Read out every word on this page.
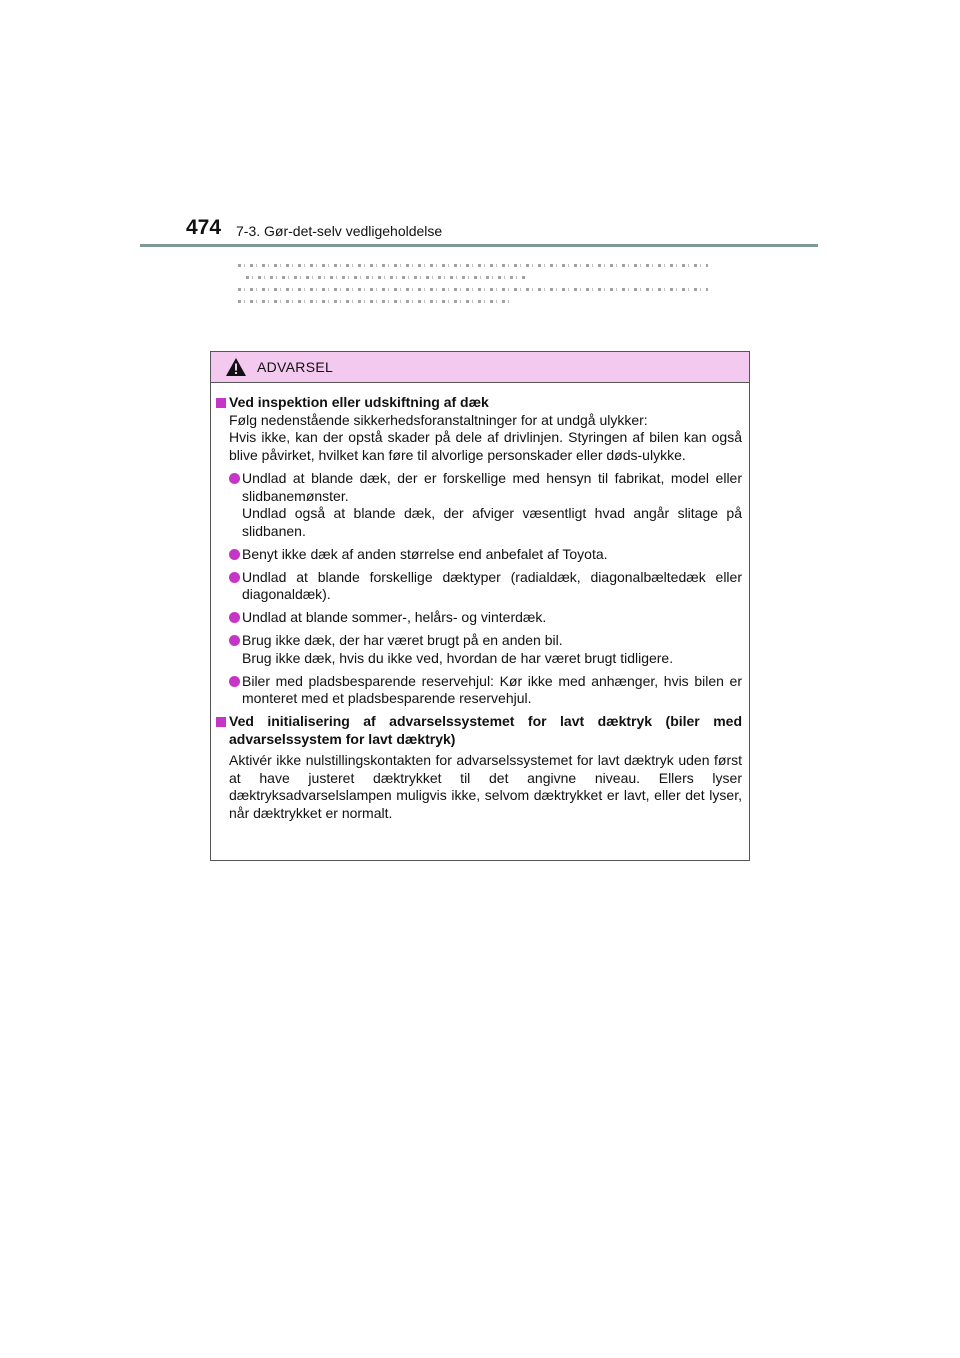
474 7-3. Gør-det-selv vedligeholdelse
ADVARSEL
Ved inspektion eller udskiftning af dæk
Følg nedenstående sikkerhedsforanstaltninger for at undgå ulykker:
Hvis ikke, kan der opstå skader på dele af drivlinjen. Styringen af bilen kan også blive påvirket, hvilket kan føre til alvorlige personskader eller døds-ulykke.
Undlad at blande dæk, der er forskellige med hensyn til fabrikat, model eller slidbanemønster.
Undlad også at blande dæk, der afviger væsentligt hvad angår slitage på slidbanen.
Benyt ikke dæk af anden størrelse end anbefalet af Toyota.
Undlad at blande forskellige dæktyper (radialdæk, diagonalbæltedæk eller diagonaldæk).
Undlad at blande sommer-, helårs- og vinterdæk.
Brug ikke dæk, der har været brugt på en anden bil.
Brug ikke dæk, hvis du ikke ved, hvordan de har været brugt tidligere.
Biler med pladsbesparende reservehjul: Kør ikke med anhænger, hvis bilen er monteret med et pladsbesparende reservehjul.
Ved initialisering af advarselssystemet for lavt dæktryk (biler med advarselssystem for lavt dæktryk)
Aktivér ikke nulstillingskontakten for advarselssystemet for lavt dæktryk uden først at have justeret dæktrykket til det angivne niveau. Ellers lyser dæktryksadvarselslampen muligvis ikke, selvom dæktrykket er lavt, eller det lyser, når dæktrykket er normalt.
